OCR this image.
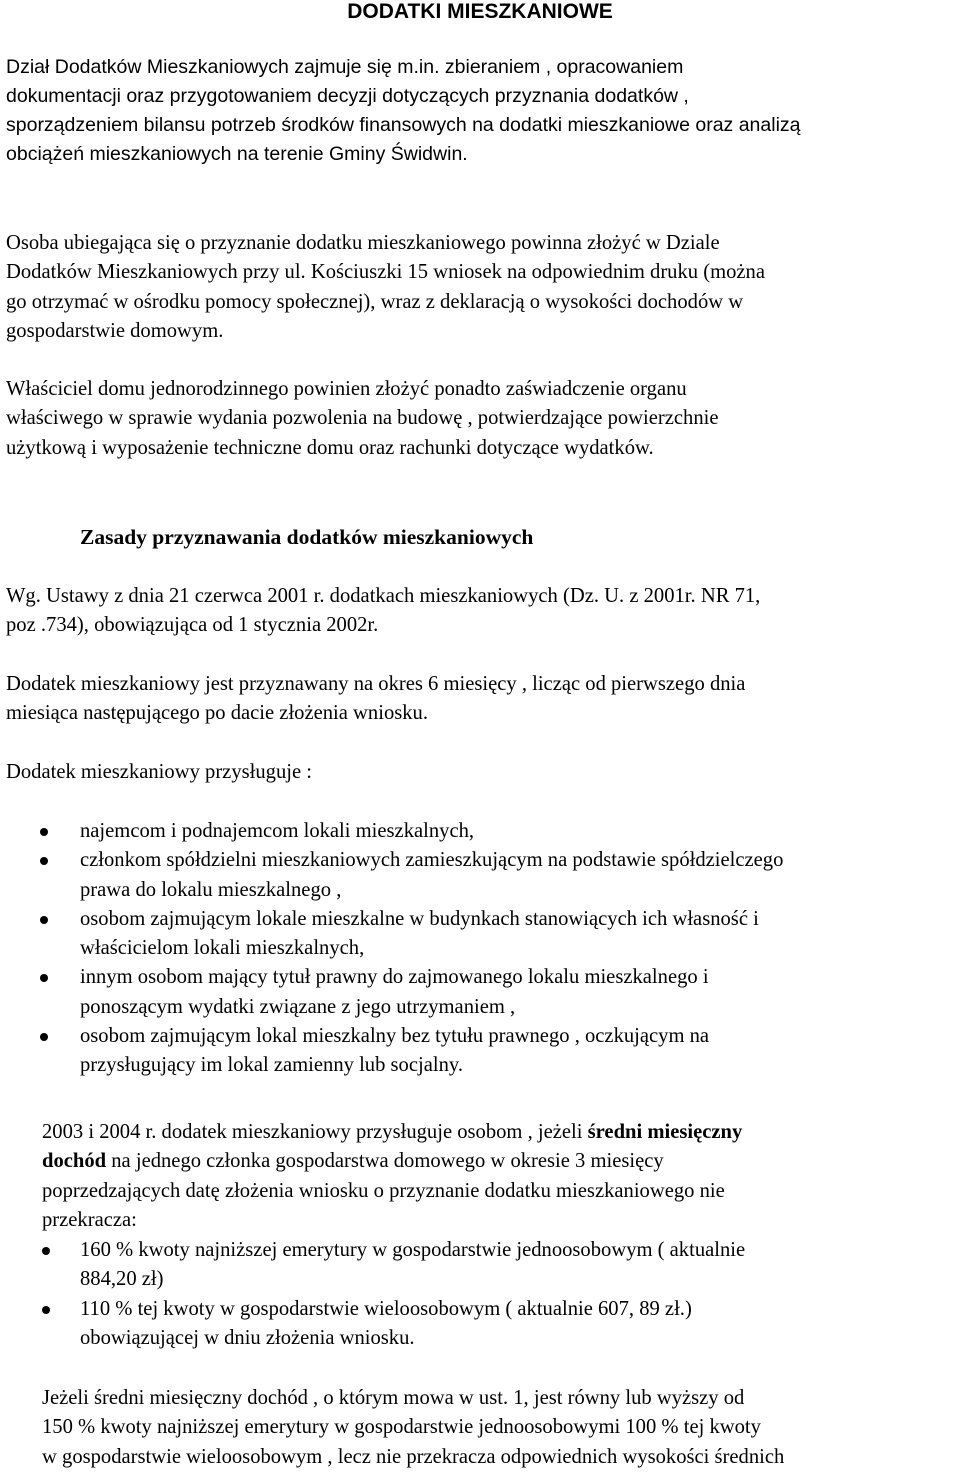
DODATKI MIESZKANIOWE

Dział Dodatków Mieszkaniowych zajmuje się m.in. zbieraniem , opracowaniem
dokumentacji oraz przygotowaniem decyzji dotyczących przyznania dodatków ,
sporządzeniem bilansu potrzeb środków finansowych na dodatki mieszkaniowe oraz analizą
obciążeń mieszkaniowych na terenie Gminy Świdwin.

Osoba ubiegająca się o przyznanie dodatku mieszkaniowego powinna złożyć w Dziale
Dodatków Mieszkaniowych przy ul. Kościuszki 15 wniosek na odpowiednim druku (można
go otrzymać w ośrodku pomocy społecznej), wraz z deklaracją o wysokości dochodów w
gospodarstwie domowym.

Właściciel domu jednorodzinnego powinien złożyć ponadto zaświadczenie organu
właściwego w sprawie wydania pozwolenia na budowę , potwierdzające powierzchnie
użytkową i wyposażenie techniczne domu oraz rachunki dotyczące wydatków.

Zasady przyznawania dodatków mieszkaniowych

Wg. Ustawy z dnia 21 czerwca 2001 r. dodatkach mieszkaniowych (Dz. U. z 2001r. NR 71,
poz .734), obowiązująca od 1 stycznia 2002r.

Dodatek mieszkaniowy jest przyznawany na okres 6 miesięcy , licząc od pierwszego dnia
miesiąca następującego po dacie złożenia wniosku.

Dodatek mieszkaniowy przysługuje :

najemcom i podnajemcom lokali mieszkalnych,
członkom spółdzielni mieszkaniowych zamieszkującym na podstawie spółdzielczego
prawa do lokalu mieszkalnego ,
osobom zajmującym lokale mieszkalne w budynkach stanowiących ich własność i
właścicielom lokali mieszkalnych,
innym osobom mający tytuł prawny do zajmowanego lokalu mieszkalnego i
ponoszącym wydatki związane z jego utrzymaniem ,
osobom zajmującym lokal mieszkalny bez tytułu prawnego , oczkującym na
przysługujący im lokal zamienny lub socjalny.

2003 i 2004 r. dodatek mieszkaniowy przysługuje osobom , jeżeli średni miesięczny
dochód na jednego członka gospodarstwa domowego w okresie 3 miesięcy
poprzedzających datę złożenia wniosku o przyznanie dodatku mieszkaniowego nie
przekracza:

160 % kwoty najniższej emerytury w gospodarstwie jednoosobowym ( aktualnie
884,20 zł)
110 % tej kwoty w gospodarstwie wieloosobowym ( aktualnie 607, 89 zł.)
obowiązującej w dniu złożenia wniosku.

Jeżeli średni miesięczny dochód , o którym mowa w ust. 1, jest równy lub wyższy od
150 % kwoty najniższej emerytury w gospodarstwie jednoosobowymi 100 % tej kwoty
w gospodarstwie wieloosobowym , lecz nie przekracza odpowiednich wysokości średnich
